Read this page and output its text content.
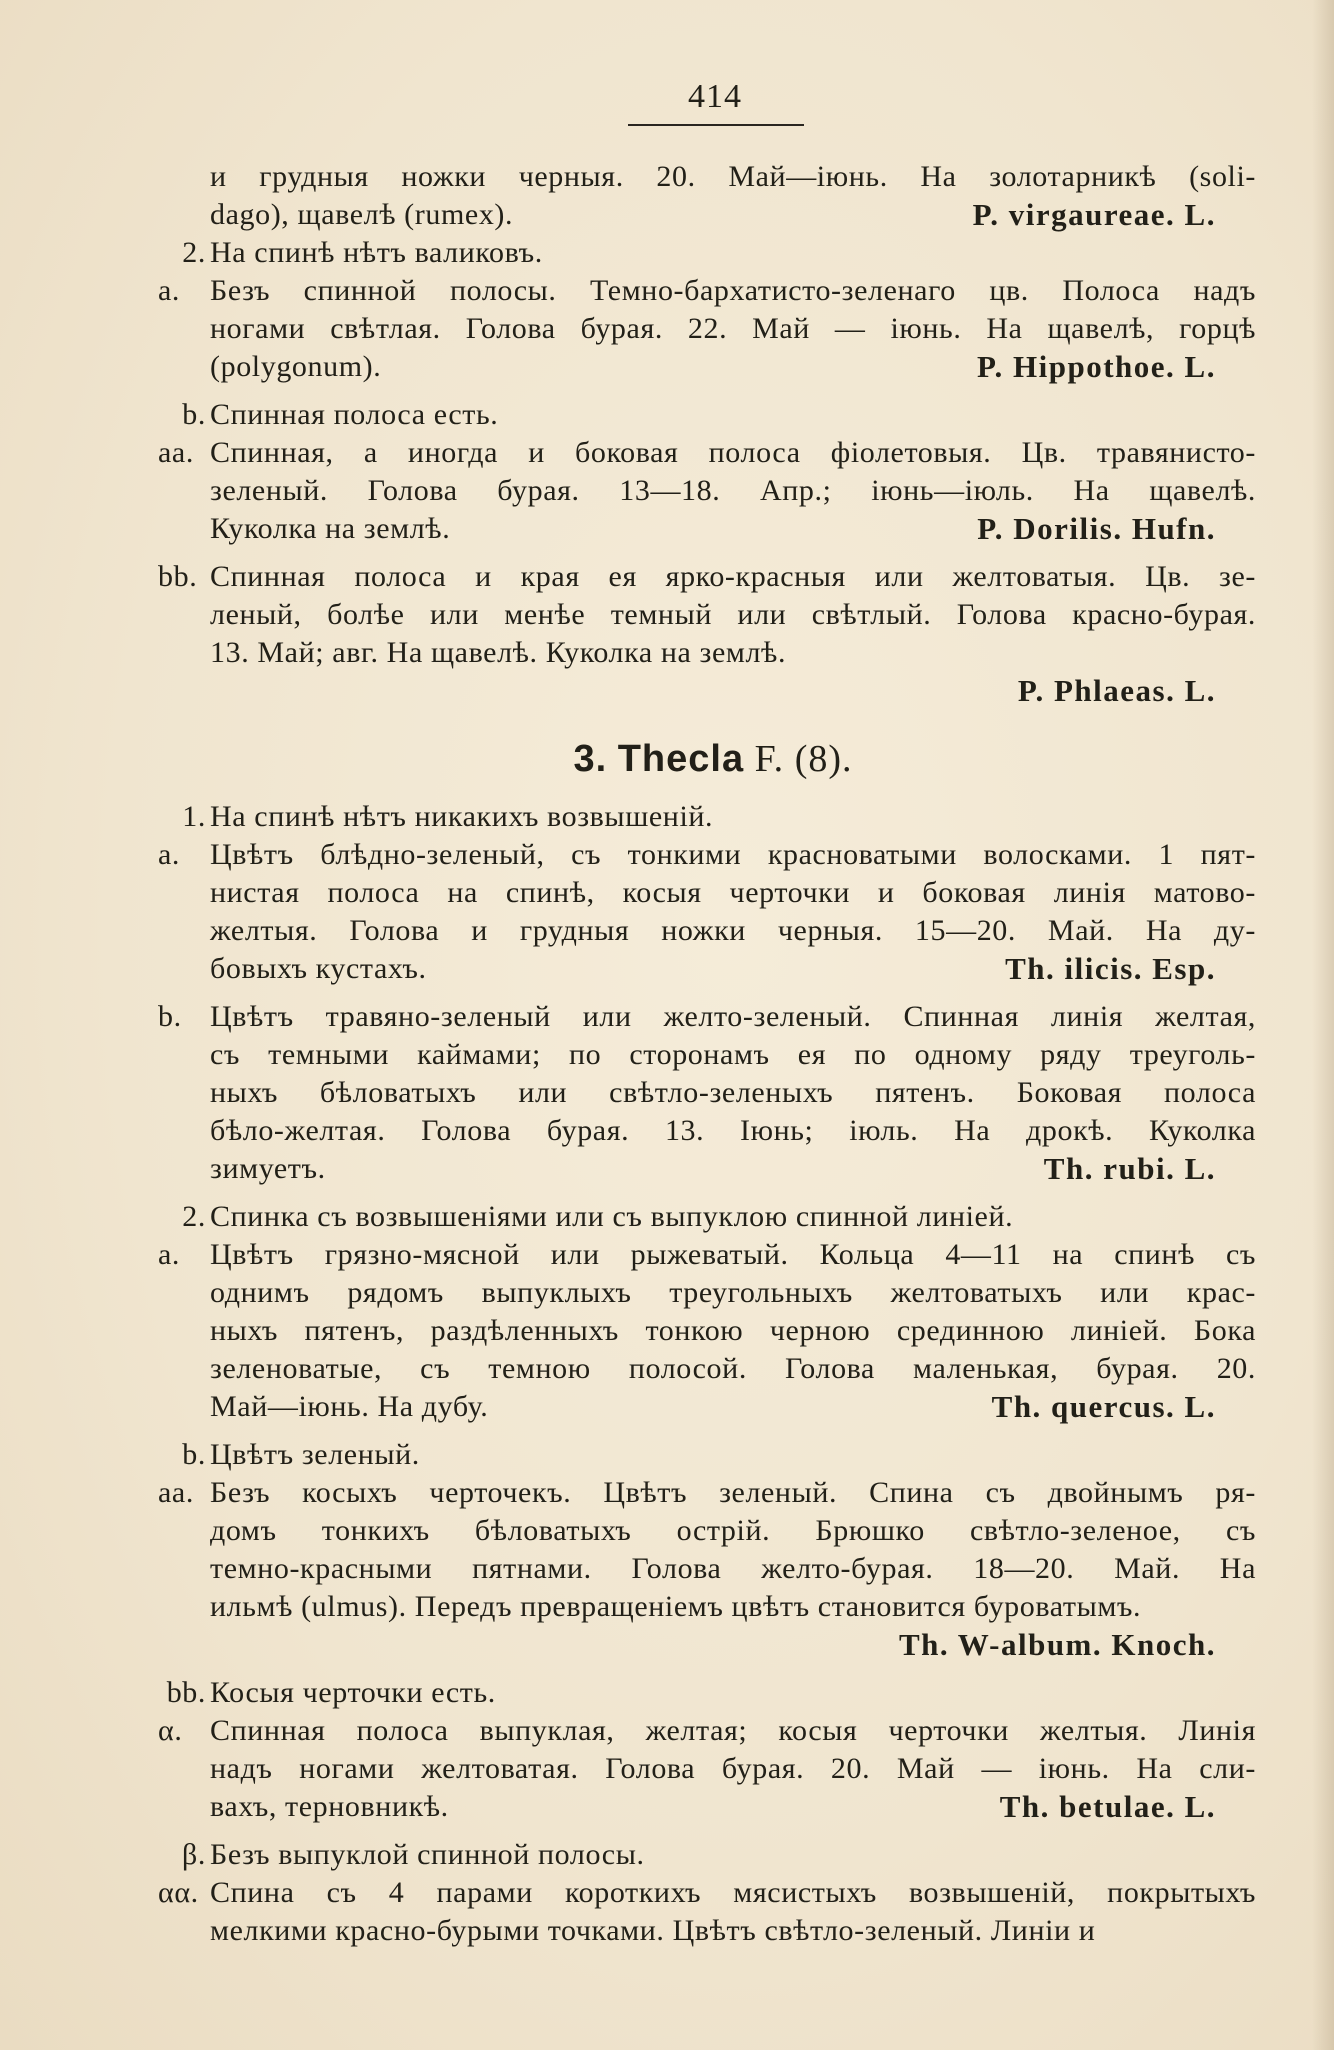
414
и грудныя ножки черныя. 20. Май—іюнь. На золотарникѣ (soli-
dago), щавелѣ (rumex).	P. virgaureae. L.
2. На спинѣ нѣтъ валиковъ.
a. Безъ спинной полосы. Темно-бархатисто-зеленаго цв. Полоса надъ
ногами свѣтлая. Голова бурая. 22. Май — іюнь. На щавелѣ, горцѣ
(polygonum).	P. Hippothoe. L.
b. Спинная полоса есть.
aa. Спинная, а иногда и боковая полоса фіолетовыя. Цв. травянисто-
зеленый. Голова бурая. 13—18. Апр.; іюнь—іюль. На щавелѣ.
Куколка на землѣ.	P. Dorilis. Hufn.
bb. Спинная полоса и края ея ярко-красныя или желтоватыя. Цв. зе-
леный, болѣе или менѣе темный или свѣтлый. Голова красно-бурая.
13. Май; авг. На щавелѣ. Куколка на землѣ.
P. Phlaeas. L.
3. Thecla F. (8).
1. На спинѣ нѣтъ никакихъ возвышеній.
a. Цвѣтъ блѣдно-зеленый, съ тонкими красноватыми волосками. 1 пят-
нистая полоса на спинѣ, косыя черточки и боковая линія матово-
желтыя. Голова и грудныя ножки черныя. 15—20. Май. На ду-
бовыхъ кустахъ.	Th. ilicis. Esp.
b. Цвѣтъ травяно-зеленый или желто-зеленый. Спинная линія желтая,
съ темными каймами; по сторонамъ ея по одному ряду треуголь-
ныхъ бѣловатыхъ или свѣтло-зеленыхъ пятенъ. Боковая полоса
бѣло-желтая. Голова бурая. 13. Іюнь; іюль. На дрокѣ. Куколка
зимуетъ.	Th. rubi. L.
2. Спинка съ возвышеніями или съ выпуклою спинной линіей.
a. Цвѣтъ грязно-мясной или рыжеватый. Кольца 4—11 на спинѣ съ
однимъ рядомъ выпуклыхъ треугольныхъ желтоватыхъ или крас-
ныхъ пятенъ, раздѣленныхъ тонкою черною срединною линіей. Бока
зеленоватые, съ темною полосой. Голова маленькая, бурая. 20.
Май—іюнь. На дубу.	Th. quercus. L.
b. Цвѣтъ зеленый.
aa. Безъ косыхъ черточекъ. Цвѣтъ зеленый. Спина съ двойнымъ ря-
домъ тонкихъ бѣловатыхъ острій. Брюшко свѣтло-зеленое, съ
темно-красными пятнами. Голова желто-бурая. 18—20. Май. На
ильмѣ (ulmus). Передъ превращеніемъ цвѣтъ становится буроватымъ.
Th. W-album. Knoch.
bb. Косыя черточки есть.
α. Спинная полоса выпуклая, желтая; косыя черточки желтыя. Линія
надъ ногами желтоватая. Голова бурая. 20. Май — іюнь. На сли-
вахъ, терновникѣ.	Th. betulae. L.
β. Безъ выпуклой спинной полосы.
αα. Спина съ 4 парами короткихъ мясистыхъ возвышеній, покрытыхъ
мелкими красно-бурыми точками. Цвѣтъ свѣтло-зеленый. Линіи и
